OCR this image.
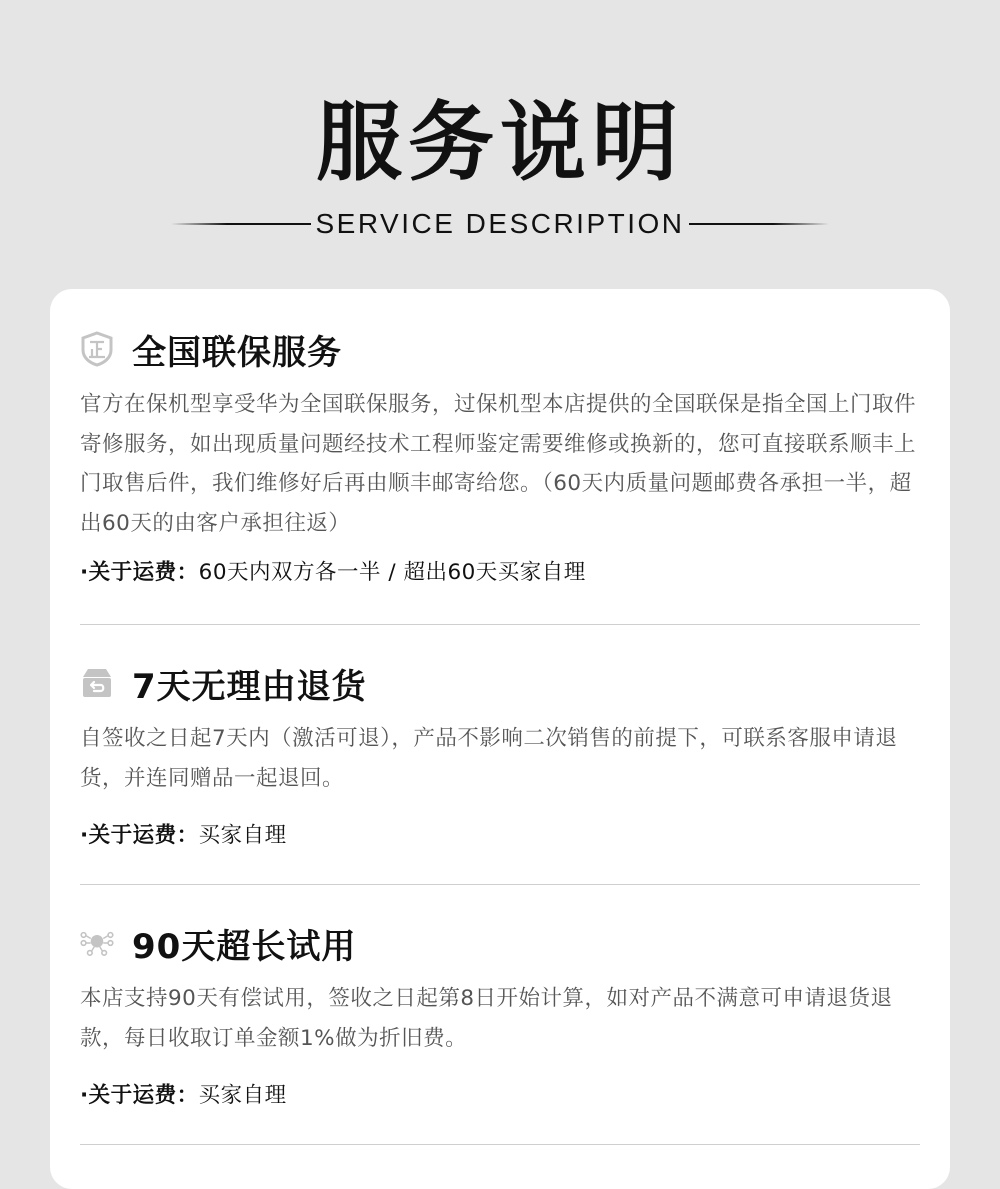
服务说明
SERVICE DESCRIPTION
全国联保服务
官方在保机型享受华为全国联保服务，过保机型本店提供的全国联保是指全国上门取件寄修服务，如出现质量问题经技术工程师鉴定需要维修或换新的，您可直接联系顺丰上门取售后件，我们维修好后再由顺丰邮寄给您。（60天内质量问题邮费各承担一半，超出60天的由客户承担往返）
·关于运费：60天内双方各一半 / 超出60天买家自理
7天无理由退货
自签收之日起7天内（激活可退），产品不影响二次销售的前提下，可联系客服申请退货，并连同赠品一起退回。
·关于运费：买家自理
90天超长试用
本店支持90天有偿试用，签收之日起第8日开始计算，如对产品不满意可申请退货退款，每日收取订单金额1%做为折旧费。
·关于运费：买家自理
